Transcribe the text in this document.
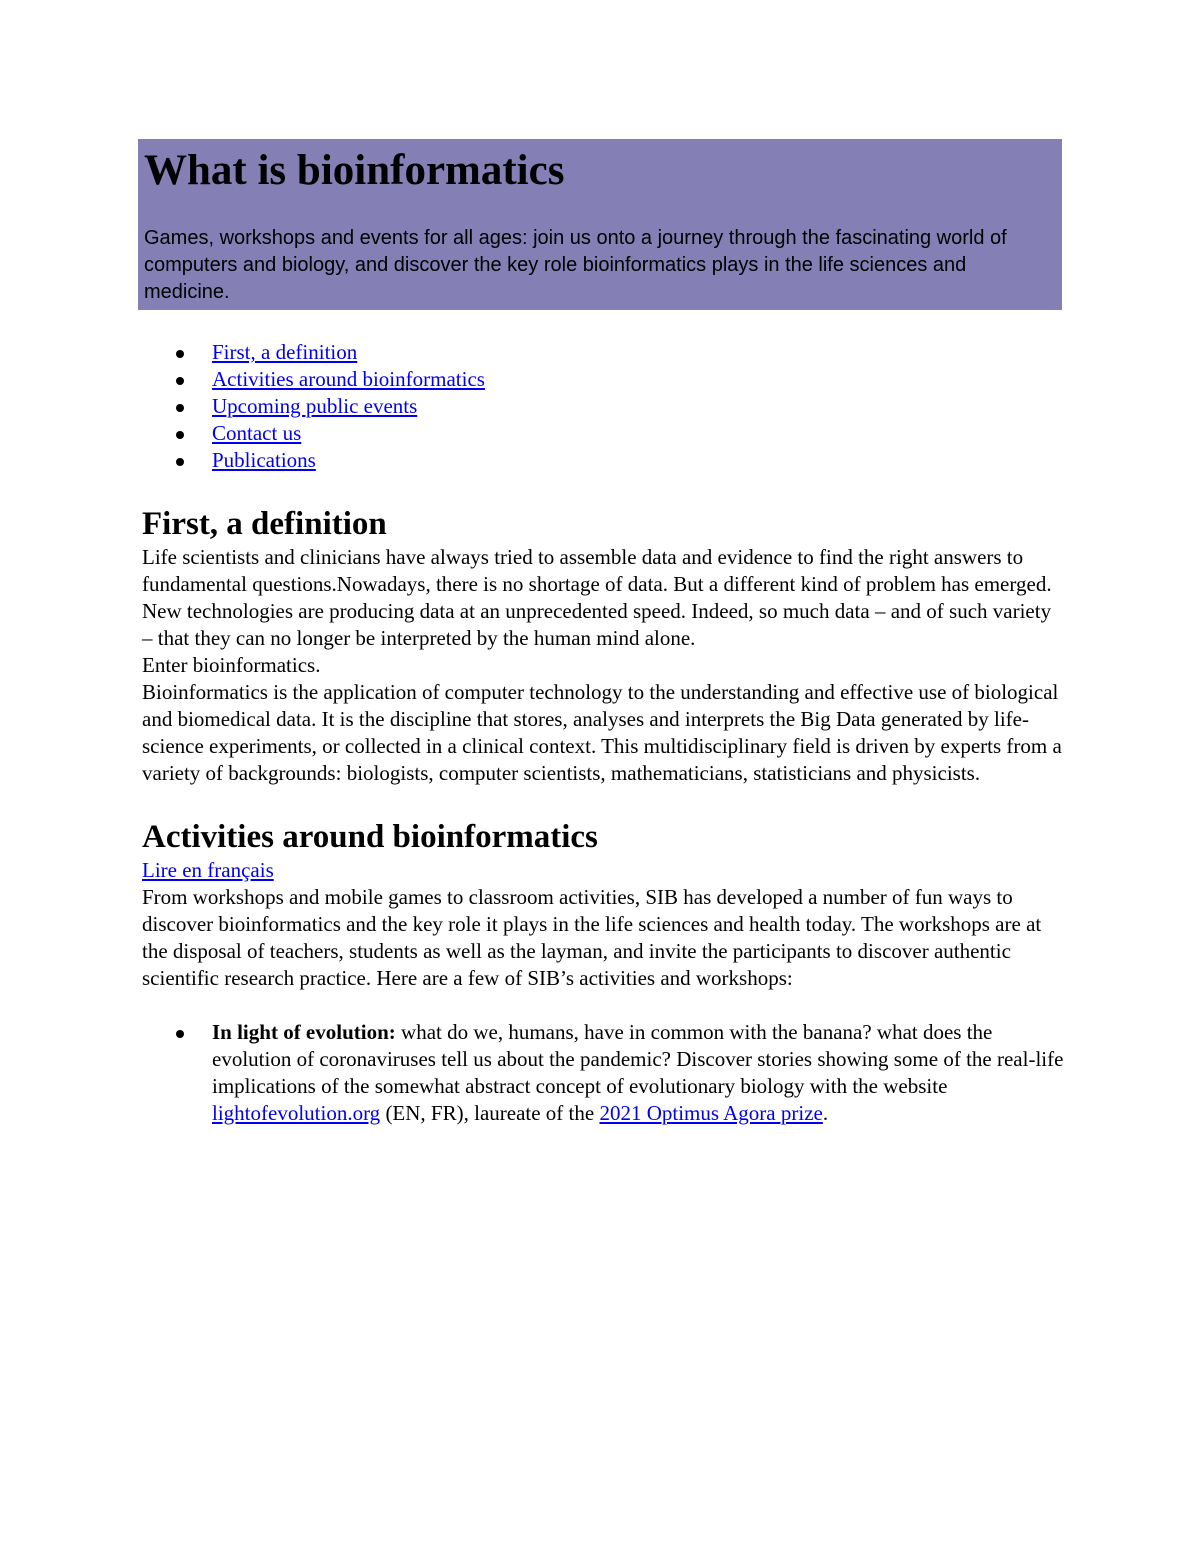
What is bioinformatics

Games, workshops and events for all ages: join us onto a journey through the fascinating world of computers and biology, and discover the key role bioinformatics plays in the life sciences and medicine.

First, a definition
Activities around bioinformatics
Upcoming public events
Contact us
Publications
First, a definition

Life scientists and clinicians have always tried to assemble data and evidence to find the right answers to fundamental questions.Nowadays, there is no shortage of data. But a different kind of problem has emerged. New technologies are producing data at an unprecedented speed. Indeed, so much data – and of such variety – that they can no longer be interpreted by the human mind alone.

Enter bioinformatics.

Bioinformatics is the application of computer technology to the understanding and effective use of biological and biomedical data. It is the discipline that stores, analyses and interprets the Big Data generated by life-science experiments, or collected in a clinical context. This multidisciplinary field is driven by experts from a variety of backgrounds: biologists, computer scientists, mathematicians, statisticians and physicists.

Activities around bioinformatics

Lire en français

From workshops and mobile games to classroom activities, SIB has developed a number of fun ways to discover bioinformatics and the key role it plays in the life sciences and health today. The workshops are at the disposal of teachers, students as well as the layman, and invite the participants to discover authentic scientific research practice. Here are a few of SIB’s activities and workshops:

In light of evolution: what do we, humans, have in common with the banana? what does the evolution of coronaviruses tell us about the pandemic? Discover stories showing some of the real-life implications of the somewhat abstract concept of evolutionary biology with the website lightofevolution.org (EN, FR), laureate of the 2021 Optimus Agora prize.
